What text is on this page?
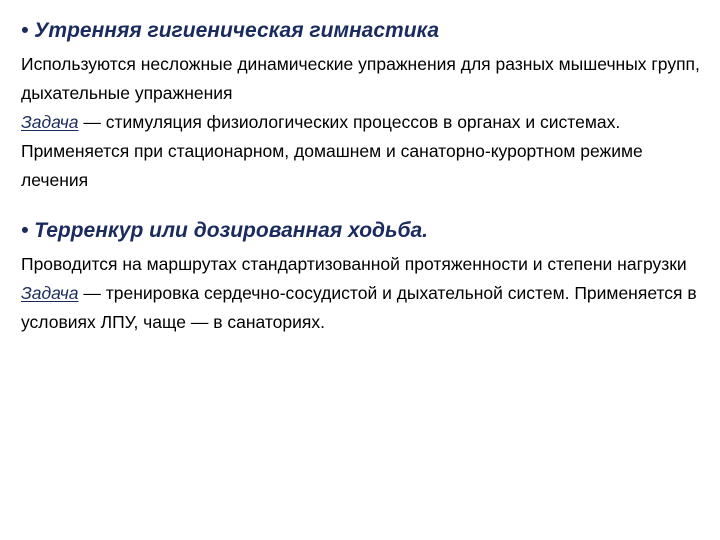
• Утренняя гигиеническая гимнастика

Используются несложные динамические упражнения для разных мышечных групп, дыхательные упражнения

Задача — стимуляция физиологических процессов в органах и системах. Применяется при стационарном, домашнем и санаторно-курортном режиме лечения

• Терренкур или дозированная ходьба.

Проводится на маршрутах стандартизованной протяженности и степени нагрузки

Задача — тренировка сердечно-сосудистой и дыхательной систем. Применяется в условиях ЛПУ, чаще — в санаториях.
